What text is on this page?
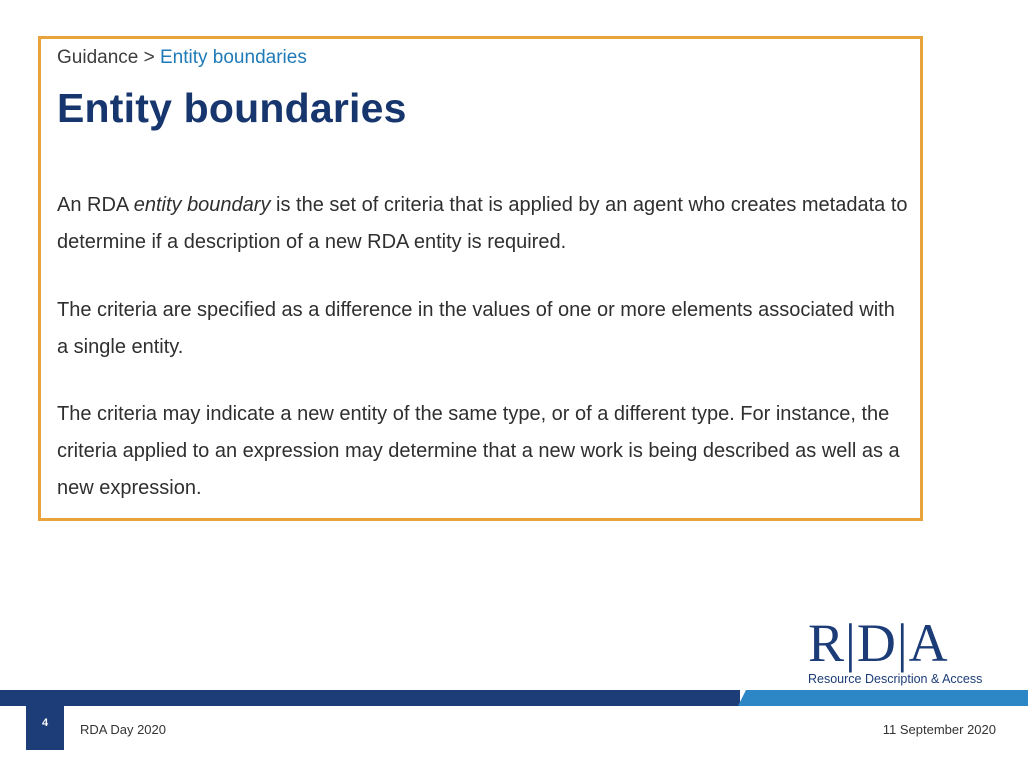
Guidance > Entity boundaries
Entity boundaries

An RDA entity boundary is the set of criteria that is applied by an agent who creates metadata to determine if a description of a new RDA entity is required.

The criteria are specified as a difference in the values of one or more elements associated with a single entity.

The criteria may indicate a new entity of the same type, or of a different type. For instance, the criteria applied to an expression may determine that a new work is being described as well as a new expression.

R|D|A
Resource Description & Access
4	RDA Day 2020	11 September 2020
